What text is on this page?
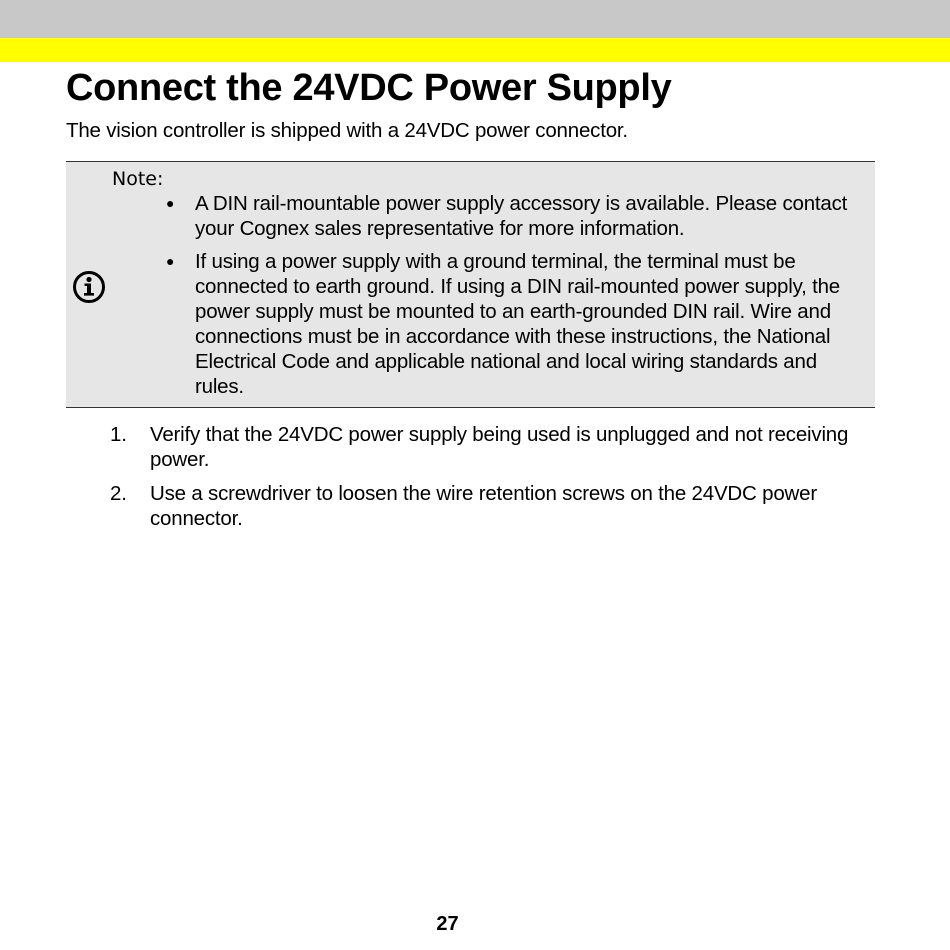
Connect the 24VDC Power Supply

The vision controller is shipped with a 24VDC power connector.

Note:
● A DIN rail-mountable power supply accessory is available. Please contact your Cognex sales representative for more information.
● If using a power supply with a ground terminal, the terminal must be connected to earth ground. If using a DIN rail-mounted power supply, the power supply must be mounted to an earth-grounded DIN rail. Wire and connections must be in accordance with these instructions, the National Electrical Code and applicable national and local wiring standards and rules.
1. Verify that the 24VDC power supply being used is unplugged and not receiving power.
2. Use a screwdriver to loosen the wire retention screws on the 24VDC power connector.
27
